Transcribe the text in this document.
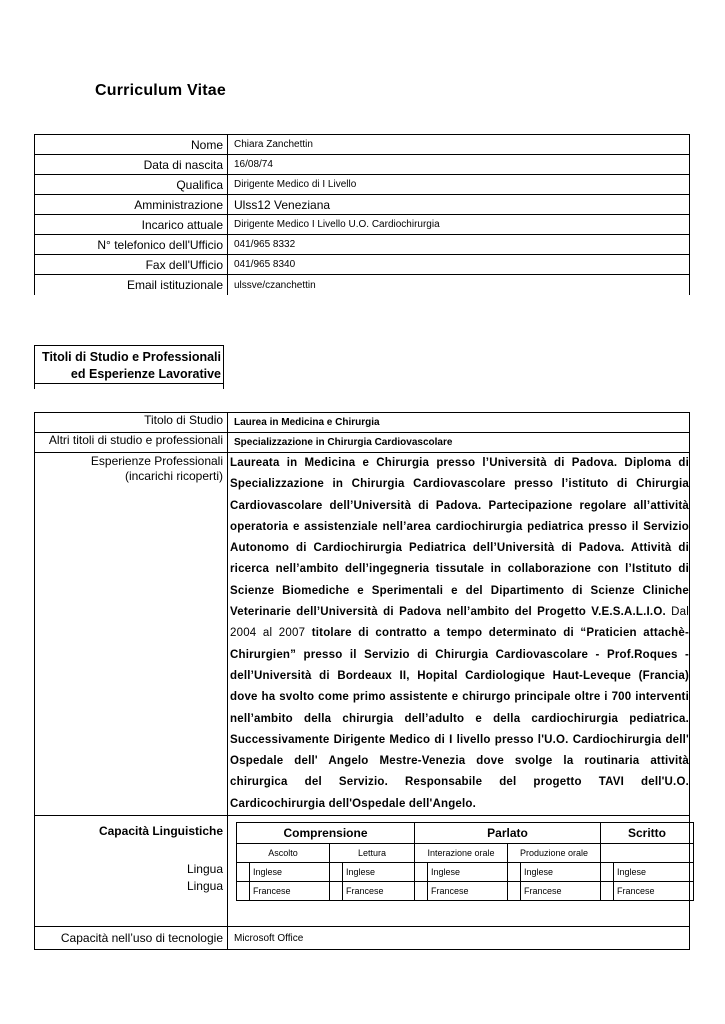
Curriculum Vitae
Nome	Chiara Zanchettin
Data di nascita	16/08/74
Qualifica	Dirigente Medico di I Livello
Amministrazione	Ulss12 Veneziana
Incarico attuale	Dirigente Medico I Livello U.O. Cardiochirurgia
N° telefonico dell'Ufficio	041/965 8332
Fax dell'Ufficio	041/965 8340
Email istituzionale	ulssve/czanchettin
Titoli di Studio e Professionali
ed Esperienze Lavorative
Titolo di Studio	Laurea in Medicina e Chirurgia
Altri titoli di studio e professionali	Specializzazione in Chirurgia Cardiovascolare
Esperienze Professionali
(incarichi ricoperti)	Laureata in Medicina e Chirurgia presso l’Università di Padova. Diploma di Specializzazione in Chirurgia Cardiovascolare presso l’istituto di Chirurgia Cardiovascolare dell’Università di Padova. Partecipazione regolare all’attività operatoria e assistenziale nell’area cardiochirurgia pediatrica presso il Servizio Autonomo di Cardiochirurgia Pediatrica dell’Università di Padova. Attività di ricerca nell’ambito dell’ingegneria tissutale in collaborazione con l’Istituto di Scienze Biomediche e Sperimentali e del Dipartimento di Scienze Cliniche Veterinarie dell’Università di Padova nell’ambito del Progetto V.E.S.A.L.I.O. Dal 2004 al 2007 titolare di contratto a tempo determinato di “Praticien attachè-Chirurgien” presso il Servizio di Chirurgia Cardiovascolare - Prof.Roques - dell’Università di Bordeaux II, Hopital Cardiologique Haut-Leveque (Francia) dove ha svolto come primo assistente e chirurgo principale oltre i 700 interventi nell’ambito della chirurgia dell’adulto e della cardiochirurgia pediatrica. Successivamente Dirigente Medico di I livello presso l'U.O. Cardiochirurgia dell' Ospedale dell' Angelo Mestre-Venezia dove svolge la routinaria attività chirurgica del Servizio. Responsabile del progetto TAVI dell'U.O. Cardicochirurgia dell'Ospedale dell'Angelo.

Capacità Linguistiche
Lingua
Lingua

Comprensione	Parlato	Scritto
Ascolto	Lettura	Interazione orale	Produzione orale	
	Inglese		Inglese		Inglese		Inglese		Inglese
	Francese		Francese		Francese		Francese		Francese

Capacità nell’uso di tecnologie	Microsoft Office
